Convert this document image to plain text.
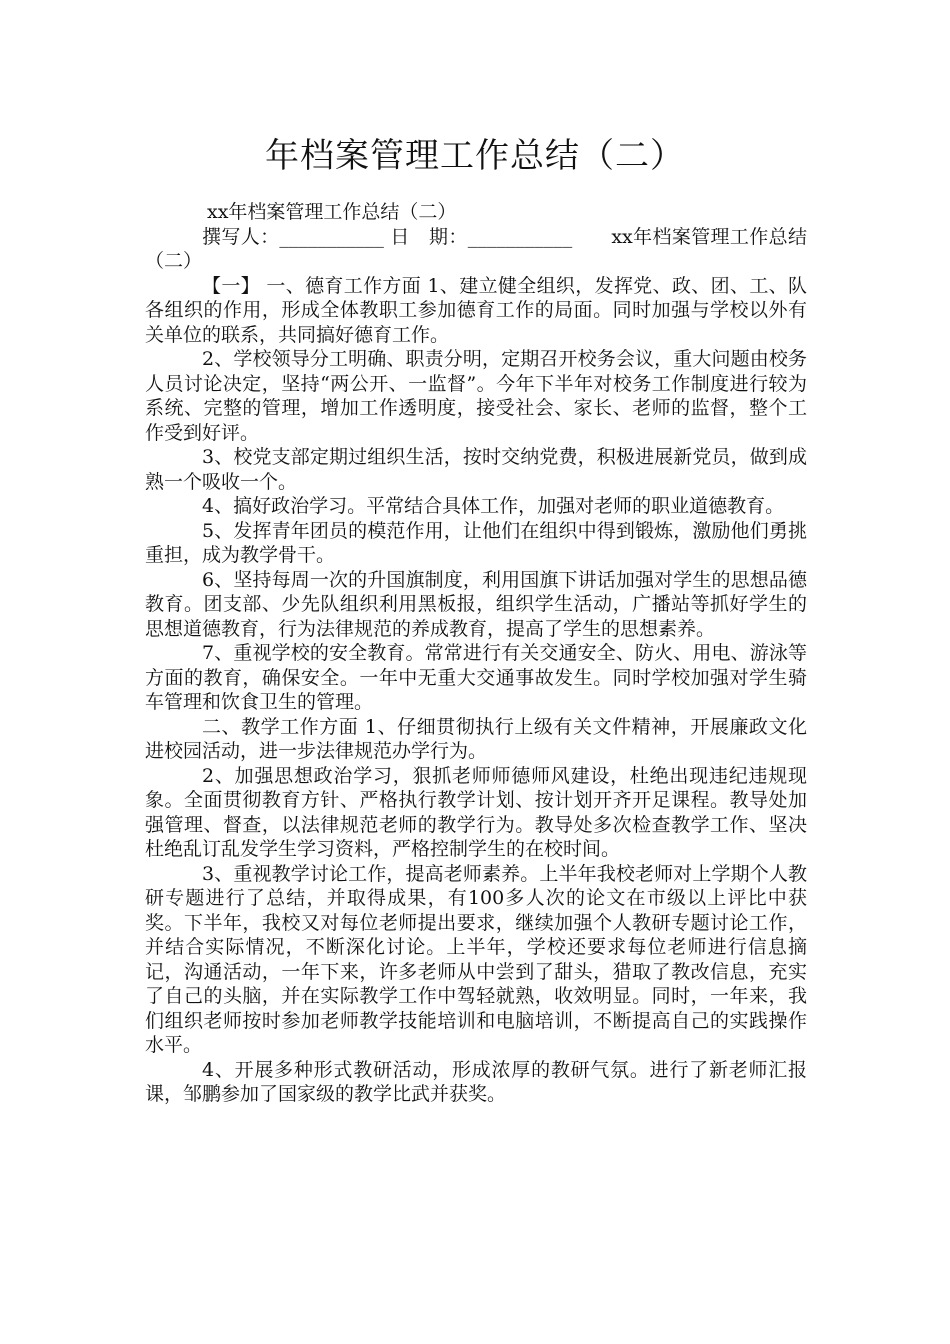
年档案管理工作总结（二）

xx年档案管理工作总结（二）

撰写人：___________ 日　期：___________　　xx年档案管理工作总结（二）

【一】 一、德育工作方面 1、建立健全组织，发挥党、政、团、工、队各组织的作用，形成全体教职工参加德育工作的局面。同时加强与学校以外有关单位的联系，共同搞好德育工作。

2、学校领导分工明确、职责分明，定期召开校务会议，重大问题由校务人员讨论决定，坚持“两公开、一监督”。今年下半年对校务工作制度进行较为系统、完整的管理，增加工作透明度，接受社会、家长、老师的监督，整个工作受到好评。

3、校党支部定期过组织生活，按时交纳党费，积极进展新党员，做到成熟一个吸收一个。

4、搞好政治学习。平常结合具体工作，加强对老师的职业道德教育。

5、发挥青年团员的模范作用，让他们在组织中得到锻炼，激励他们勇挑重担，成为教学骨干。

6、坚持每周一次的升国旗制度，利用国旗下讲话加强对学生的思想品德教育。团支部、少先队组织利用黑板报，组织学生活动，广播站等抓好学生的思想道德教育，行为法律规范的养成教育，提高了学生的思想素养。

7、重视学校的安全教育。常常进行有关交通安全、防火、用电、游泳等方面的教育，确保安全。一年中无重大交通事故发生。同时学校加强对学生骑车管理和饮食卫生的管理。

二、教学工作方面 1、仔细贯彻执行上级有关文件精神，开展廉政文化进校园活动，进一步法律规范办学行为。

2、加强思想政治学习，狠抓老师师德师风建设，杜绝出现违纪违规现象。全面贯彻教育方针、严格执行教学计划、按计划开齐开足课程。教导处加强管理、督查，以法律规范老师的教学行为。教导处多次检查教学工作、坚决杜绝乱订乱发学生学习资料，严格控制学生的在校时间。

3、重视教学讨论工作，提高老师素养。上半年我校老师对上学期个人教研专题进行了总结，并取得成果，有100多人次的论文在市级以上评比中获奖。下半年，我校又对每位老师提出要求，继续加强个人教研专题讨论工作，并结合实际情况，不断深化讨论。上半年，学校还要求每位老师进行信息摘记，沟通活动，一年下来，许多老师从中尝到了甜头，猎取了教改信息，充实了自己的头脑，并在实际教学工作中驾轻就熟，收效明显。同时，一年来，我们组织老师按时参加老师教学技能培训和电脑培训，不断提高自己的实践操作水平。

4、开展多种形式教研活动，形成浓厚的教研气氛。进行了新老师汇报课，邹鹏参加了国家级的教学比武并获奖。
